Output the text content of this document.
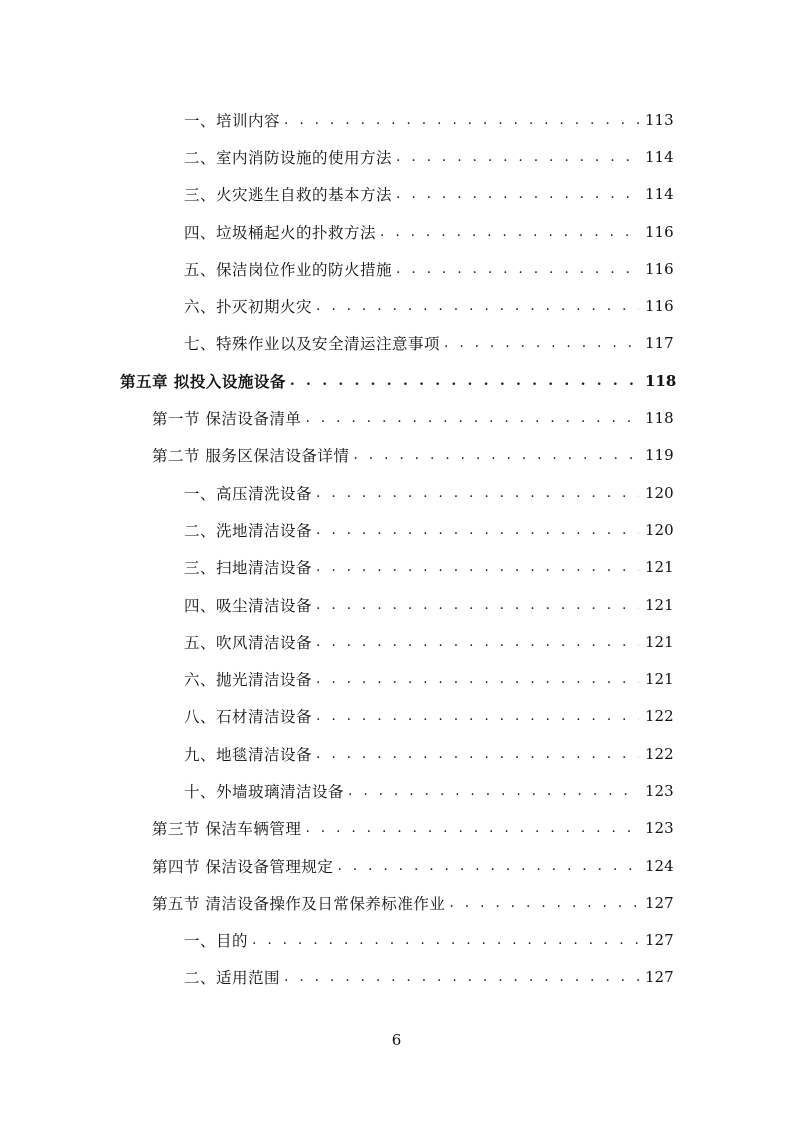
一、培训内容 . . .	113
二、室内消防设施的使用方法 . . .	114
三、火灾逃生自救的基本方法 . . .	114
四、垃圾桶起火的扑救方法 . . .	116
五、保洁岗位作业的防火措施 . . .	116
六、扑灭初期火灾 . . .	116
七、特殊作业以及安全清运注意事项 . . .	117
第五章 拟投入设施设备 . . .	118
第一节 保洁设备清单 . . .	118
第二节 服务区保洁设备详情 . . .	119
一、高压清洗设备 . . .	120
二、洗地清洁设备 . . .	120
三、扫地清洁设备 . . .	121
四、吸尘清洁设备 . . .	121
五、吹风清洁设备 . . .	121
六、抛光清洁设备 . . .	121
八、石材清洁设备 . . .	122
九、地毯清洁设备 . . .	122
十、外墙玻璃清洁设备 . . .	123
第三节 保洁车辆管理 . . .	123
第四节 保洁设备管理规定 . . .	124
第五节 清洁设备操作及日常保养标准作业 . . .	127
一、目的 . . .	127
二、适用范围 . . .	127
6
